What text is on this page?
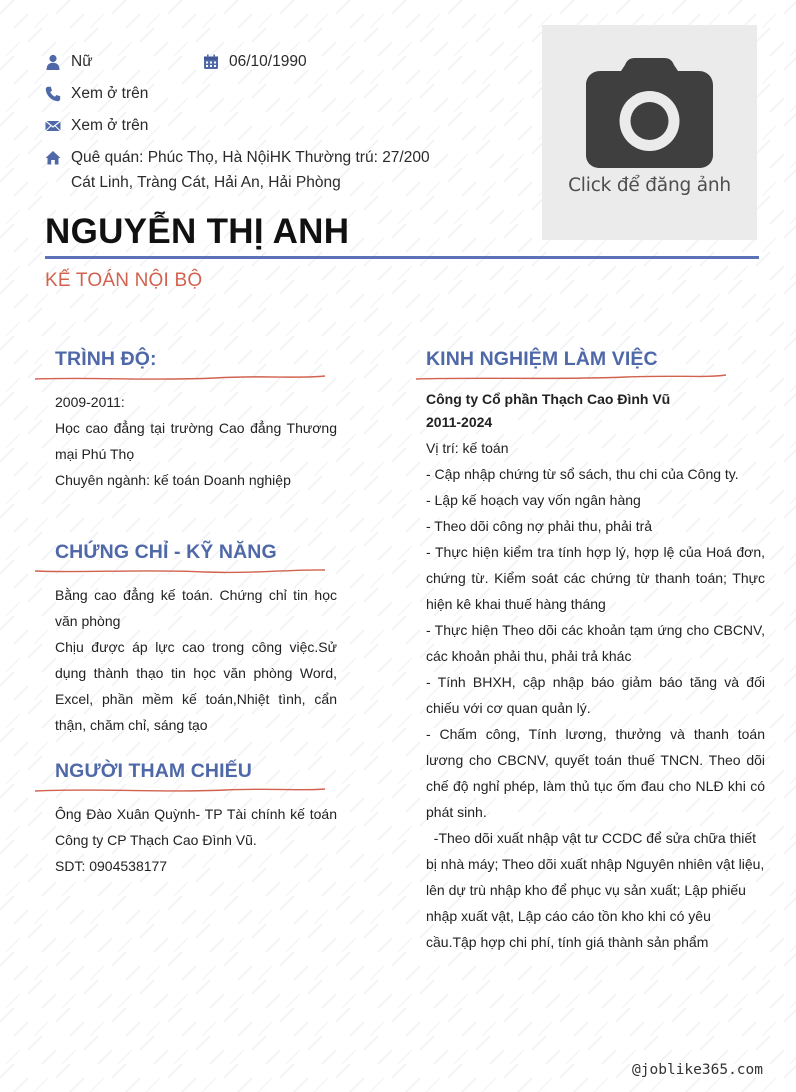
Nữ	06/10/1990
Xem ở trên
Xem ở trên
Quê quán: Phúc Thọ, Hà NộiHK Thường trú: 27/200
Cát Linh, Tràng Cát, Hải An, Hải Phòng	Click để đăng ảnh
NGUYỄN THỊ ANH
KẾ TOÁN NỘI BỘ
TRÌNH ĐỘ:

2009-2011:

Học cao đẳng tại trường Cao đẳng Thương mại Phú Thọ

Chuyên ngành: kế toán Doanh nghiệp

CHỨNG CHỈ - KỸ NĂNG

Bằng cao đẳng kế toán. Chứng chỉ tin học văn phòng

Chịu được áp lực cao trong công việc.Sử dụng thành thạo tin học văn phòng Word, Excel, phần mềm kế toán,Nhiệt tình, cẩn thận, chăm chỉ, sáng tạo

NGƯỜI THAM CHIẾU

Ông Đào Xuân Quỳnh- TP Tài chính kế toán Công ty CP Thạch Cao Đình Vũ.

SDT: 0904538177

KINH NGHIỆM LÀM VIỆC

Công ty Cổ phần Thạch Cao Đình Vũ

2011-2024

Vị trí: kế toán

- Cập nhập chứng từ sổ sách, thu chi của Công ty.

- Lập kế hoạch vay vốn ngân hàng

- Theo dõi công nợ phải thu, phải trả

- Thực hiện kiểm tra tính hợp lý, hợp lệ của Hoá đơn, chứng từ. Kiểm soát các chứng từ thanh toán; Thực hiện kê khai thuế hàng tháng

- Thực hiện Theo dõi các khoản tạm ứng cho CBCNV, các khoản phải thu, phải trả khác

- Tính BHXH, cập nhập báo giảm báo tăng và đối chiếu với cơ quan quản lý.

- Chấm công, Tính lương, thưởng và thanh toán lương cho CBCNV, quyết toán thuế TNCN. Theo dõi chế độ nghỉ phép, làm thủ tục ốm đau cho NLĐ khi có phát sinh.

-Theo dõi xuất nhập vật tư CCDC để sửa chữa thiết bị nhà máy; Theo dõi xuất nhập Nguyên nhiên vật liệu, lên dự trù nhập kho để phục vụ sản xuất; Lập phiếu nhập xuất vật, Lập cáo cáo tồn kho khi có yêu cầu.Tập hợp chi phí, tính giá thành sản phẩm

@joblike365.com
